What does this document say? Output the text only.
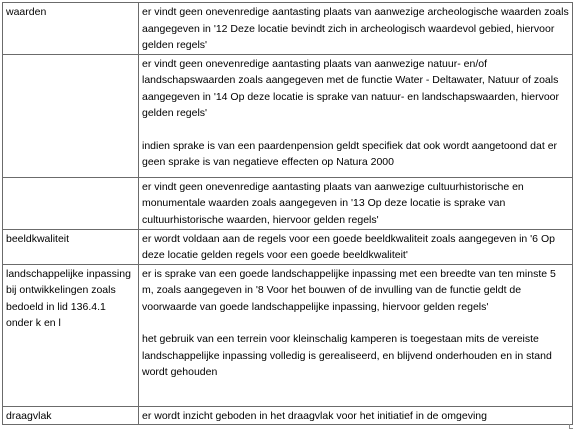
waarden	er vindt geen onevenredige aantasting plaats van aanwezige archeologische waarden zoals aangegeven in '12 Deze locatie bevindt zich in archeologisch waardevol gebied, hiervoor gelden regels'

	er vindt geen onevenredige aantasting plaats van aanwezige natuur- en/of landschapswaarden zoals aangegeven met de functie Water - Deltawater, Natuur of zoals aangegeven in '14 Op deze locatie is sprake van natuur- en landschapswaarden, hiervoor gelden regels'

indien sprake is van een paardenpension geldt specifiek dat ook wordt aangetoond dat er geen sprake is van negatieve effecten op Natura 2000

	er vindt geen onevenredige aantasting plaats van aanwezige cultuurhistorische en monumentale waarden zoals aangegeven in '13 Op deze locatie is sprake van cultuurhistorische waarden, hiervoor gelden regels'

beeldkwaliteit	er wordt voldaan aan de regels voor een goede beeldkwaliteit zoals aangegeven in '6 Op deze locatie gelden regels voor een goede beeldkwaliteit'

landschappelijke inpassing bij ontwikkelingen zoals bedoeld in lid 136.4.1 onder k en l	er is sprake van een goede landschappelijke inpassing met een breedte van ten minste 5 m, zoals aangegeven in '8 Voor het bouwen of de invulling van de functie geldt de voorwaarde van goede landschappelijke inpassing, hiervoor gelden regels'

het gebruik van een terrein voor kleinschalig kamperen is toegestaan mits de vereiste landschappelijke inpassing volledig is gerealiseerd, en blijvend onderhouden en in stand wordt gehouden

draagvlak	er wordt inzicht geboden in het draagvlak voor het initiatief in de omgeving
